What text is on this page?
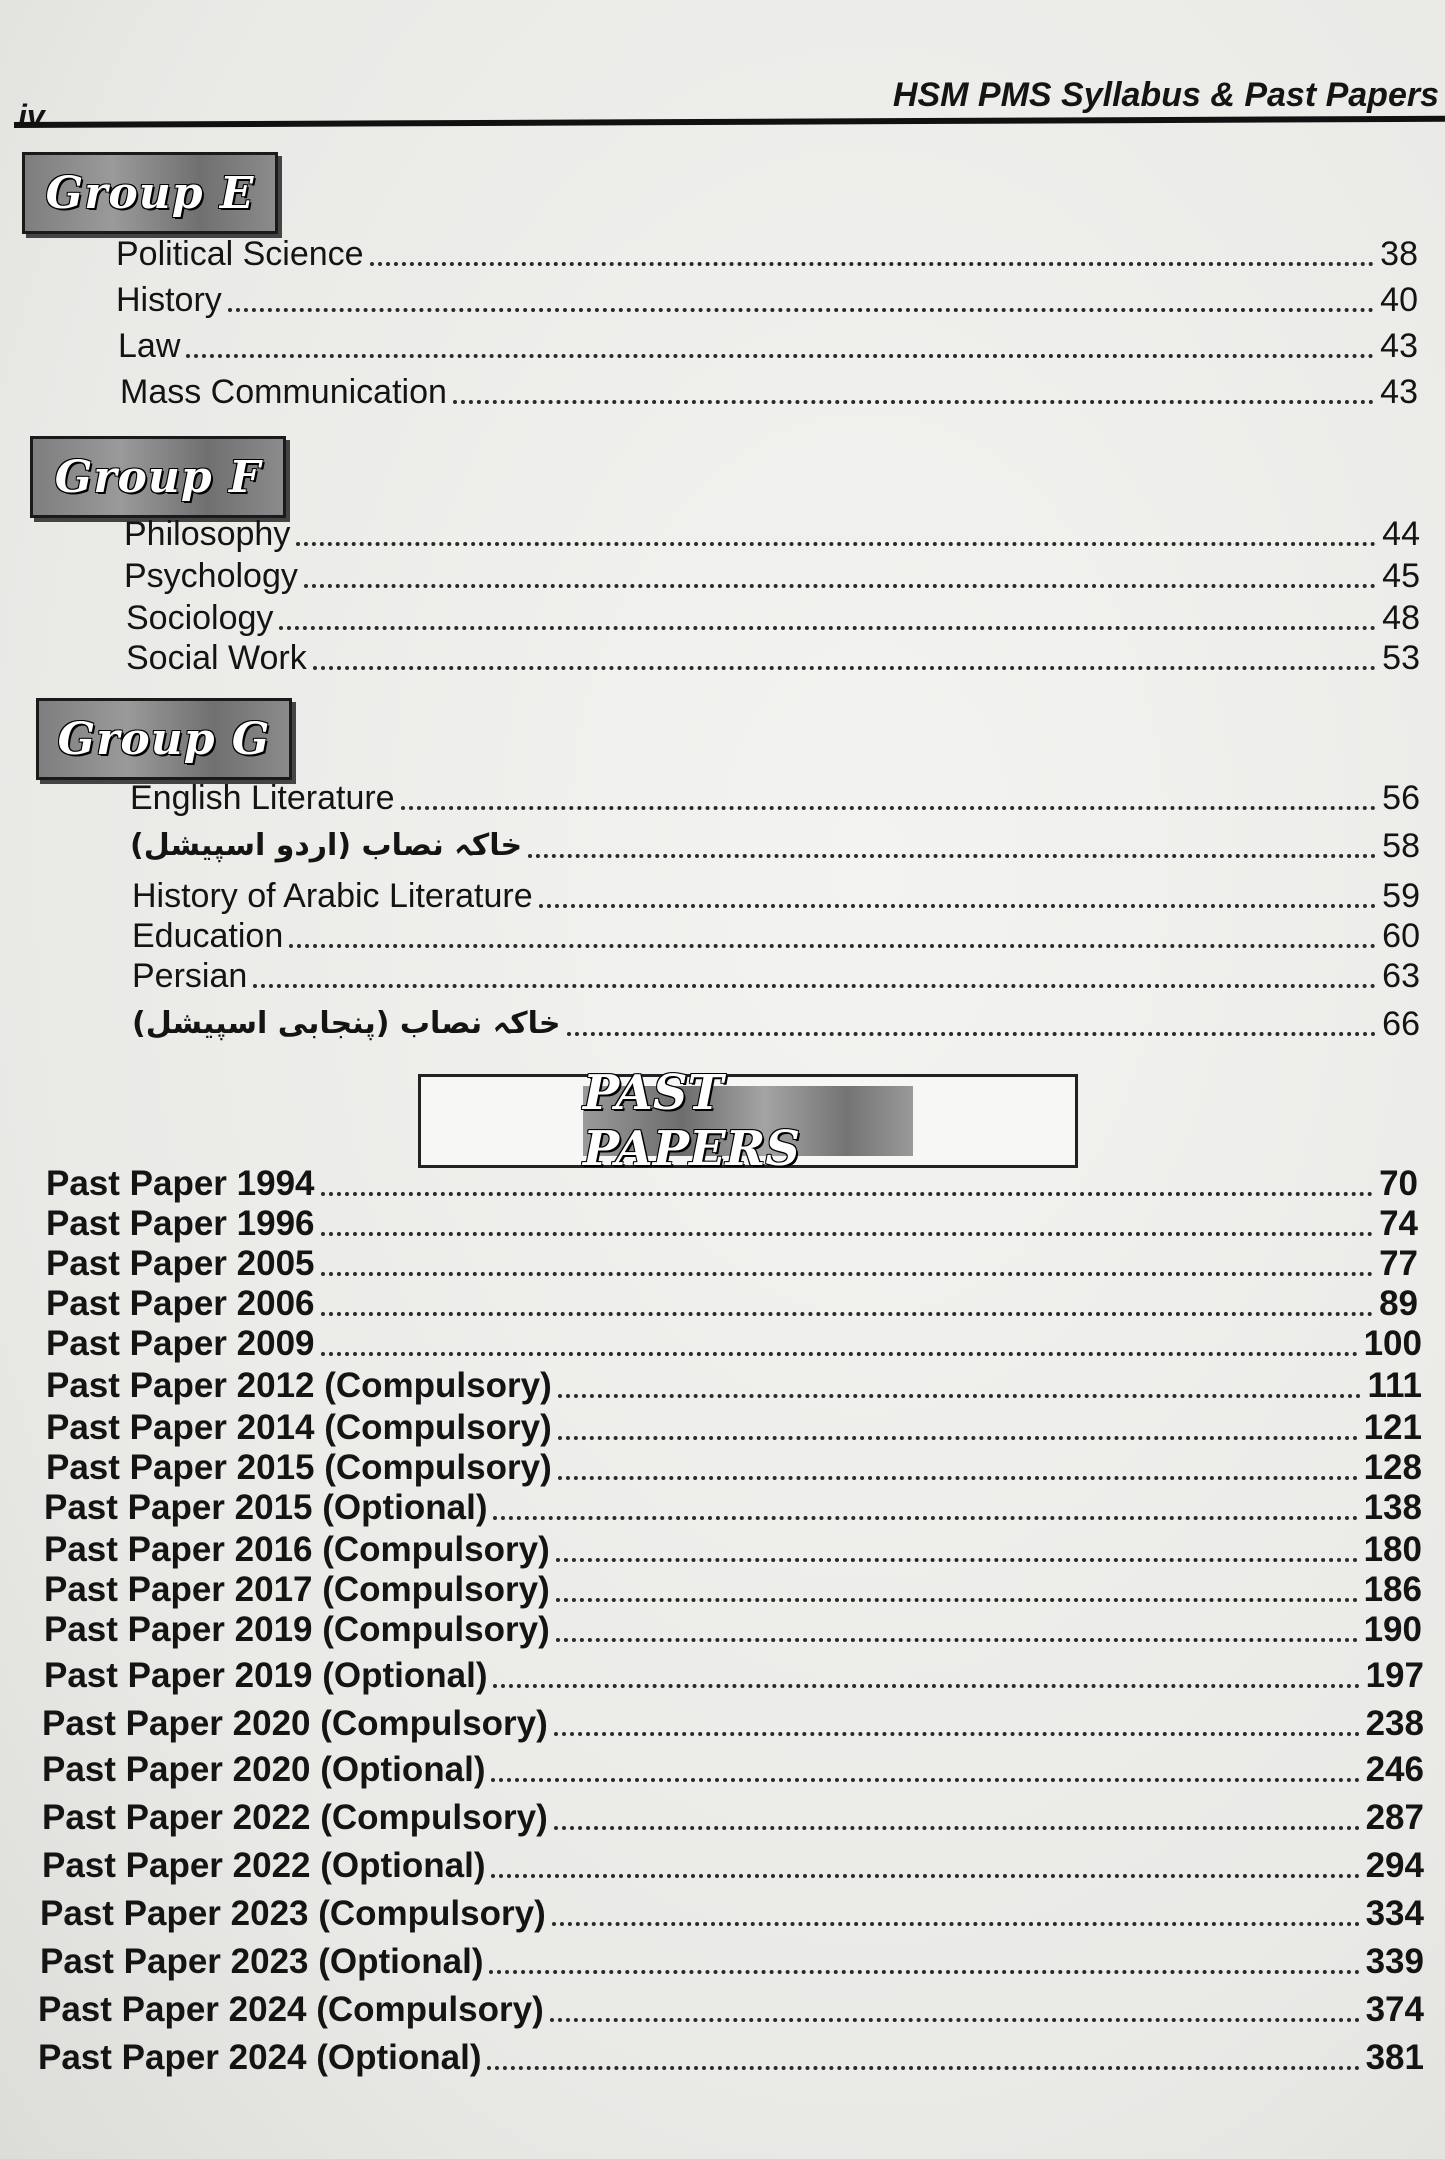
iv
HSM PMS Syllabus & Past Papers
Group E
Political Science	38
History	40
Law	43
Mass Communication	43
Group F
Philosophy	44
Psychology	45
Sociology	48
Social Work	53
Group G
English Literature	56
خاکہ نصاب (اردو اسپیشل)	58
History of Arabic Literature	59
Education	60
Persian	63
خاکہ نصاب (پنجابی اسپیشل)	66
PAST PAPERS
Past Paper 1994	70
Past Paper 1996	74
Past Paper 2005	77
Past Paper 2006	89
Past Paper 2009	100
Past Paper 2012 (Compulsory)	111
Past Paper 2014 (Compulsory)	121
Past Paper 2015 (Compulsory)	128
Past Paper 2015 (Optional)	138
Past Paper 2016 (Compulsory)	180
Past Paper 2017 (Compulsory)	186
Past Paper 2019 (Compulsory)	190
Past Paper 2019 (Optional)	197
Past Paper 2020 (Compulsory)	238
Past Paper 2020 (Optional)	246
Past Paper 2022 (Compulsory)	287
Past Paper 2022 (Optional)	294
Past Paper 2023 (Compulsory)	334
Past Paper 2023 (Optional)	339
Past Paper 2024 (Compulsory)	374
Past Paper 2024 (Optional)	381
